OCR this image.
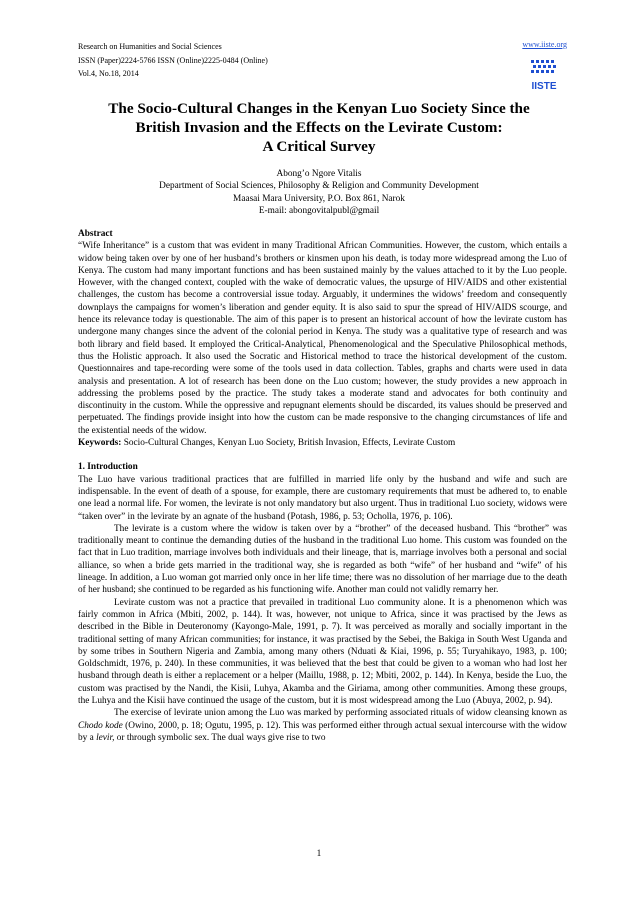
Research on Humanities and Social Sciences
ISSN (Paper)2224-5766 ISSN (Online)2225-0484 (Online)
Vol.4, No.18, 2014
www.iiste.org
IISTE
The Socio-Cultural Changes in the Kenyan Luo Society Since the
British Invasion and the Effects on the Levirate Custom:
A Critical Survey
Abong’o Ngore Vitalis
Department of Social Sciences, Philosophy & Religion and Community Development
Maasai Mara University, P.O. Box 861, Narok
E-mail: abongovitalpubl@gmail
Abstract

“Wife Inheritance” is a custom that was evident in many Traditional African Communities. However, the custom, which entails a widow being taken over by one of her husband’s brothers or kinsmen upon his death, is today more widespread among the Luo of Kenya. The custom had many important functions and has been sustained mainly by the values attached to it by the Luo people. However, with the changed context, coupled with the wake of democratic values, the upsurge of HIV/AIDS and other existential challenges, the custom has become a controversial issue today. Arguably, it undermines the widows’ freedom and consequently downplays the campaigns for women’s liberation and gender equity. It is also said to spur the spread of HIV/AIDS scourge, and hence its relevance today is questionable. The aim of this paper is to present an historical account of how the levirate custom has undergone many changes since the advent of the colonial period in Kenya. The study was a qualitative type of research and was both library and field based. It employed the Critical-Analytical, Phenomenological and the Speculative Philosophical methods, thus the Holistic approach. It also used the Socratic and Historical method to trace the historical development of the custom. Questionnaires and tape-recording were some of the tools used in data collection. Tables, graphs and charts were used in data analysis and presentation. A lot of research has been done on the Luo custom; however, the study provides a new approach in addressing the problems posed by the practice. The study takes a moderate stand and advocates for both continuity and discontinuity in the custom. While the oppressive and repugnant elements should be discarded, its values should be preserved and perpetuated. The findings provide insight into how the custom can be made responsive to the changing circumstances of life and the existential needs of the widow.

Keywords: Socio-Cultural Changes, Kenyan Luo Society, British Invasion, Effects, Levirate Custom

1. Introduction

The Luo have various traditional practices that are fulfilled in married life only by the husband and wife and such are indispensable. In the event of death of a spouse, for example, there are customary requirements that must be adhered to, to enable one lead a normal life. For women, the levirate is not only mandatory but also urgent. Thus in traditional Luo society, widows were “taken over” in the levirate by an agnate of the husband (Potash, 1986, p. 53; Ocholla, 1976, p. 106).

The levirate is a custom where the widow is taken over by a “brother” of the deceased husband. This “brother” was traditionally meant to continue the demanding duties of the husband in the traditional Luo home. This custom was founded on the fact that in Luo tradition, marriage involves both individuals and their lineage, that is, marriage involves both a personal and social alliance, so when a bride gets married in the traditional way, she is regarded as both “wife” of her husband and “wife” of his lineage. In addition, a Luo woman got married only once in her life time; there was no dissolution of her marriage due to the death of her husband; she continued to be regarded as his functioning wife. Another man could not validly remarry her.

Levirate custom was not a practice that prevailed in traditional Luo community alone. It is a phenomenon which was fairly common in Africa (Mbiti, 2002, p. 144). It was, however, not unique to Africa, since it was practised by the Jews as described in the Bible in Deuteronomy (Kayongo-Male, 1991, p. 7). It was perceived as morally and socially important in the traditional setting of many African communities; for instance, it was practised by the Sebei, the Bakiga in South West Uganda and by some tribes in Southern Nigeria and Zambia, among many others (Nduati & Kiai, 1996, p. 55; Turyahikayo, 1983, p. 100; Goldschmidt, 1976, p. 240). In these communities, it was believed that the best that could be given to a woman who had lost her husband through death is either a replacement or a helper (Maillu, 1988, p. 12; Mbiti, 2002, p. 144). In Kenya, beside the Luo, the custom was practised by the Nandi, the Kisii, Luhya, Akamba and the Giriama, among other communities. Among these groups, the Luhya and the Kisii have continued the usage of the custom, but it is most widespread among the Luo (Abuya, 2002, p. 94).

The exercise of levirate union among the Luo was marked by performing associated rituals of widow cleansing known as Chodo kode (Owino, 2000, p. 18; Ogutu, 1995, p. 12). This was performed either through actual sexual intercourse with the widow by a levir, or through symbolic sex. The dual ways give rise to two

1
